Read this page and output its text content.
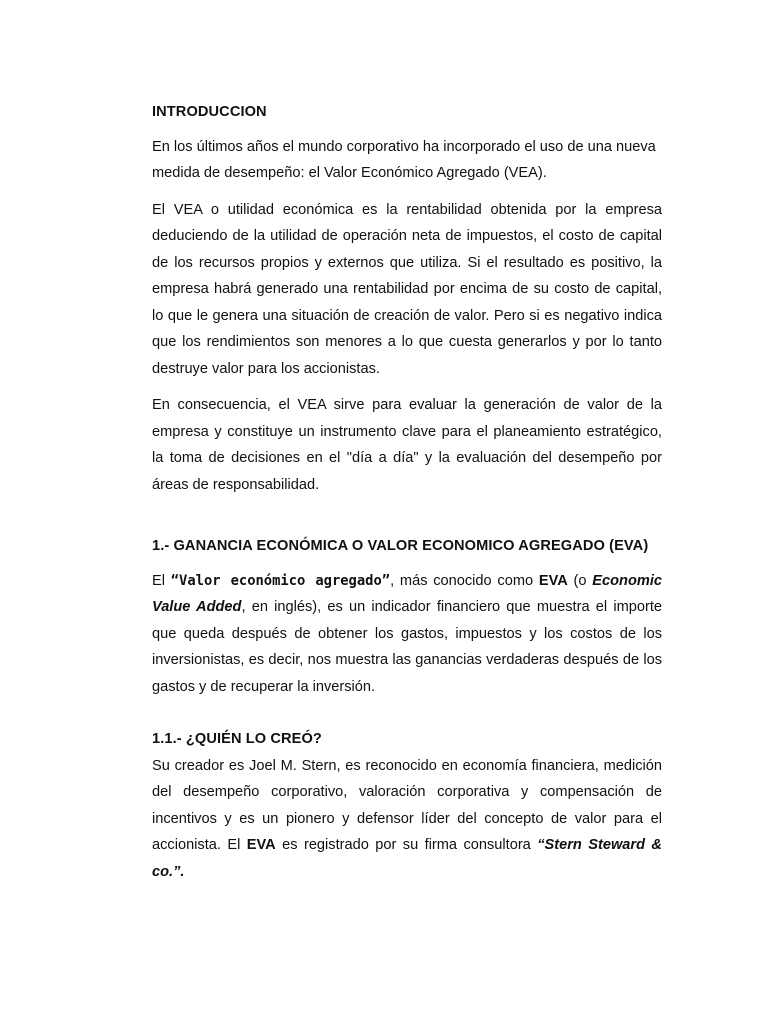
INTRODUCCION

En los últimos años el mundo corporativo ha incorporado el uso de una nueva medida de desempeño: el Valor Económico Agregado (VEA).

El VEA o utilidad económica es la rentabilidad obtenida por la empresa deduciendo de la utilidad de operación neta de impuestos, el costo de capital de los recursos propios y externos que utiliza. Si el resultado es positivo, la empresa habrá generado una rentabilidad por encima de su costo de capital, lo que le genera una situación de creación de valor. Pero si es negativo indica que los rendimientos son menores a lo que cuesta generarlos y por lo tanto destruye valor para los accionistas.

En consecuencia, el VEA sirve para evaluar la generación de valor de la empresa y constituye un instrumento clave para el planeamiento estratégico, la toma de decisiones en el "día a día" y la evaluación del desempeño por áreas de responsabilidad.

1.- GANANCIA ECONÓMICA O VALOR ECONOMICO AGREGADO (EVA)

El “Valor económico agregado”, más conocido como EVA (o Economic Value Added, en inglés), es un indicador financiero que muestra el importe que queda después de obtener los gastos, impuestos y los costos de los inversionistas, es decir, nos muestra las ganancias verdaderas después de los gastos y de recuperar la inversión.

1.1.- ¿QUIÉN LO CREÓ?

Su creador es Joel M. Stern, es reconocido en economía financiera, medición del desempeño corporativo, valoración corporativa y compensación de incentivos y es un pionero y defensor líder del concepto de valor para el accionista. El EVA es registrado por su firma consultora “Stern Steward & co.”.
